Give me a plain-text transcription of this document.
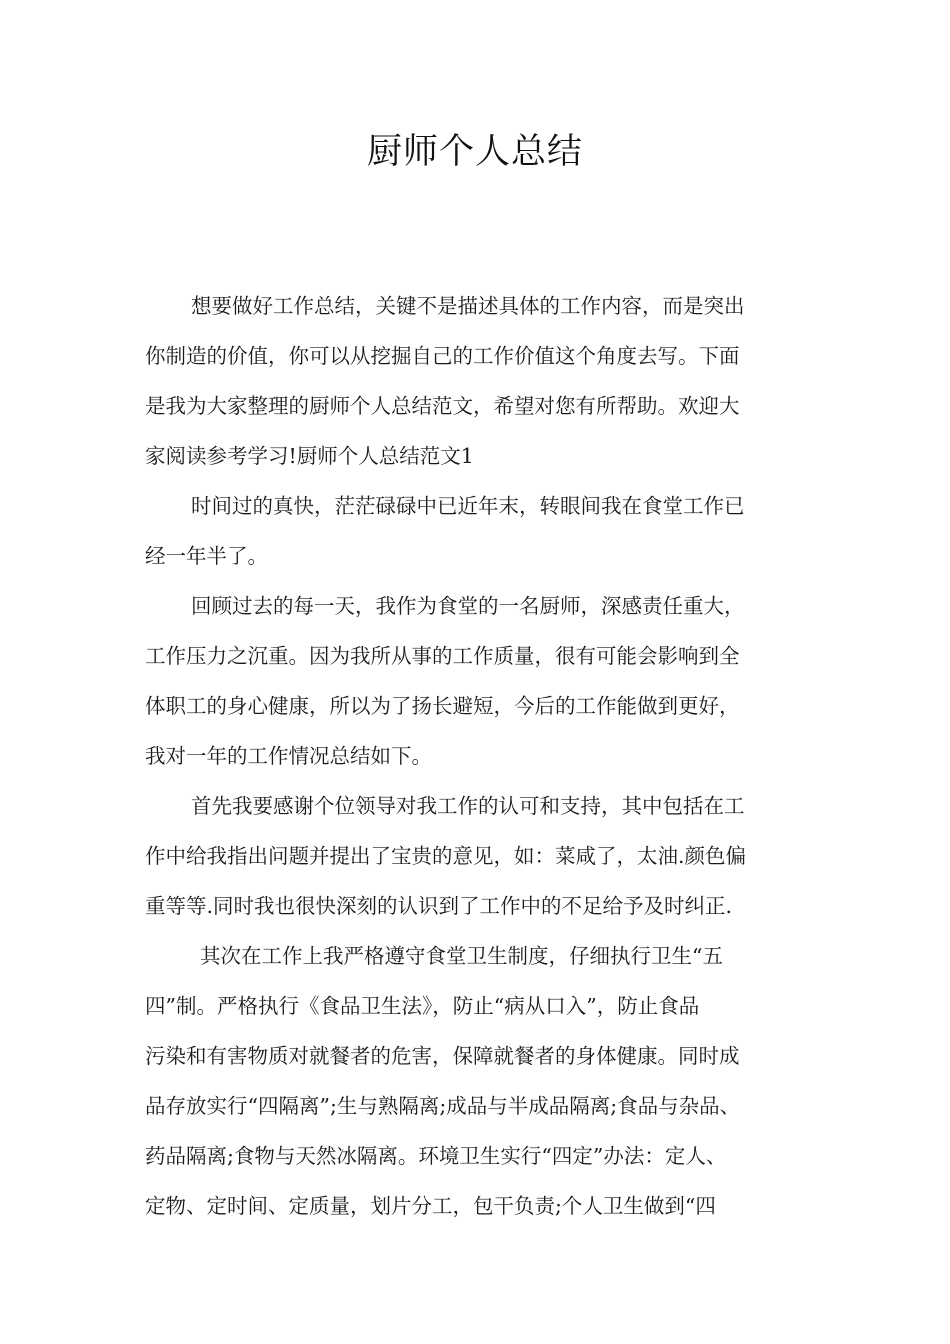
厨师个人总结
想要做好工作总结，关键不是描述具体的工作内容，而是突出
你制造的价值，你可以从挖掘自己的工作价值这个角度去写。下面
是我为大家整理的厨师个人总结范文，希望对您有所帮助。欢迎大
家阅读参考学习!厨师个人总结范文1
时间过的真快，茫茫碌碌中已近年末，转眼间我在食堂工作已
经一年半了。
回顾过去的每一天，我作为食堂的一名厨师，深感责任重大，
工作压力之沉重。因为我所从事的工作质量，很有可能会影响到全
体职工的身心健康，所以为了扬长避短，今后的工作能做到更好，
我对一年的工作情况总结如下。
首先我要感谢个位领导对我工作的认可和支持，其中包括在工
作中给我指出问题并提出了宝贵的意见，如：菜咸了，太油.颜色偏
重等等.同时我也很快深刻的认识到了工作中的不足给予及时纠正.
其次在工作上我严格遵守食堂卫生制度，仔细执行卫生“五
四”制。严格执行《食品卫生法》，防止“病从口入”，防止食品
污染和有害物质对就餐者的危害，保障就餐者的身体健康。同时成
品存放实行“四隔离”;生与熟隔离;成品与半成品隔离;食品与杂品、
药品隔离;食物与天然冰隔离。环境卫生实行“四定”办法：定人、
定物、定时间、定质量，划片分工，包干负责;个人卫生做到“四
